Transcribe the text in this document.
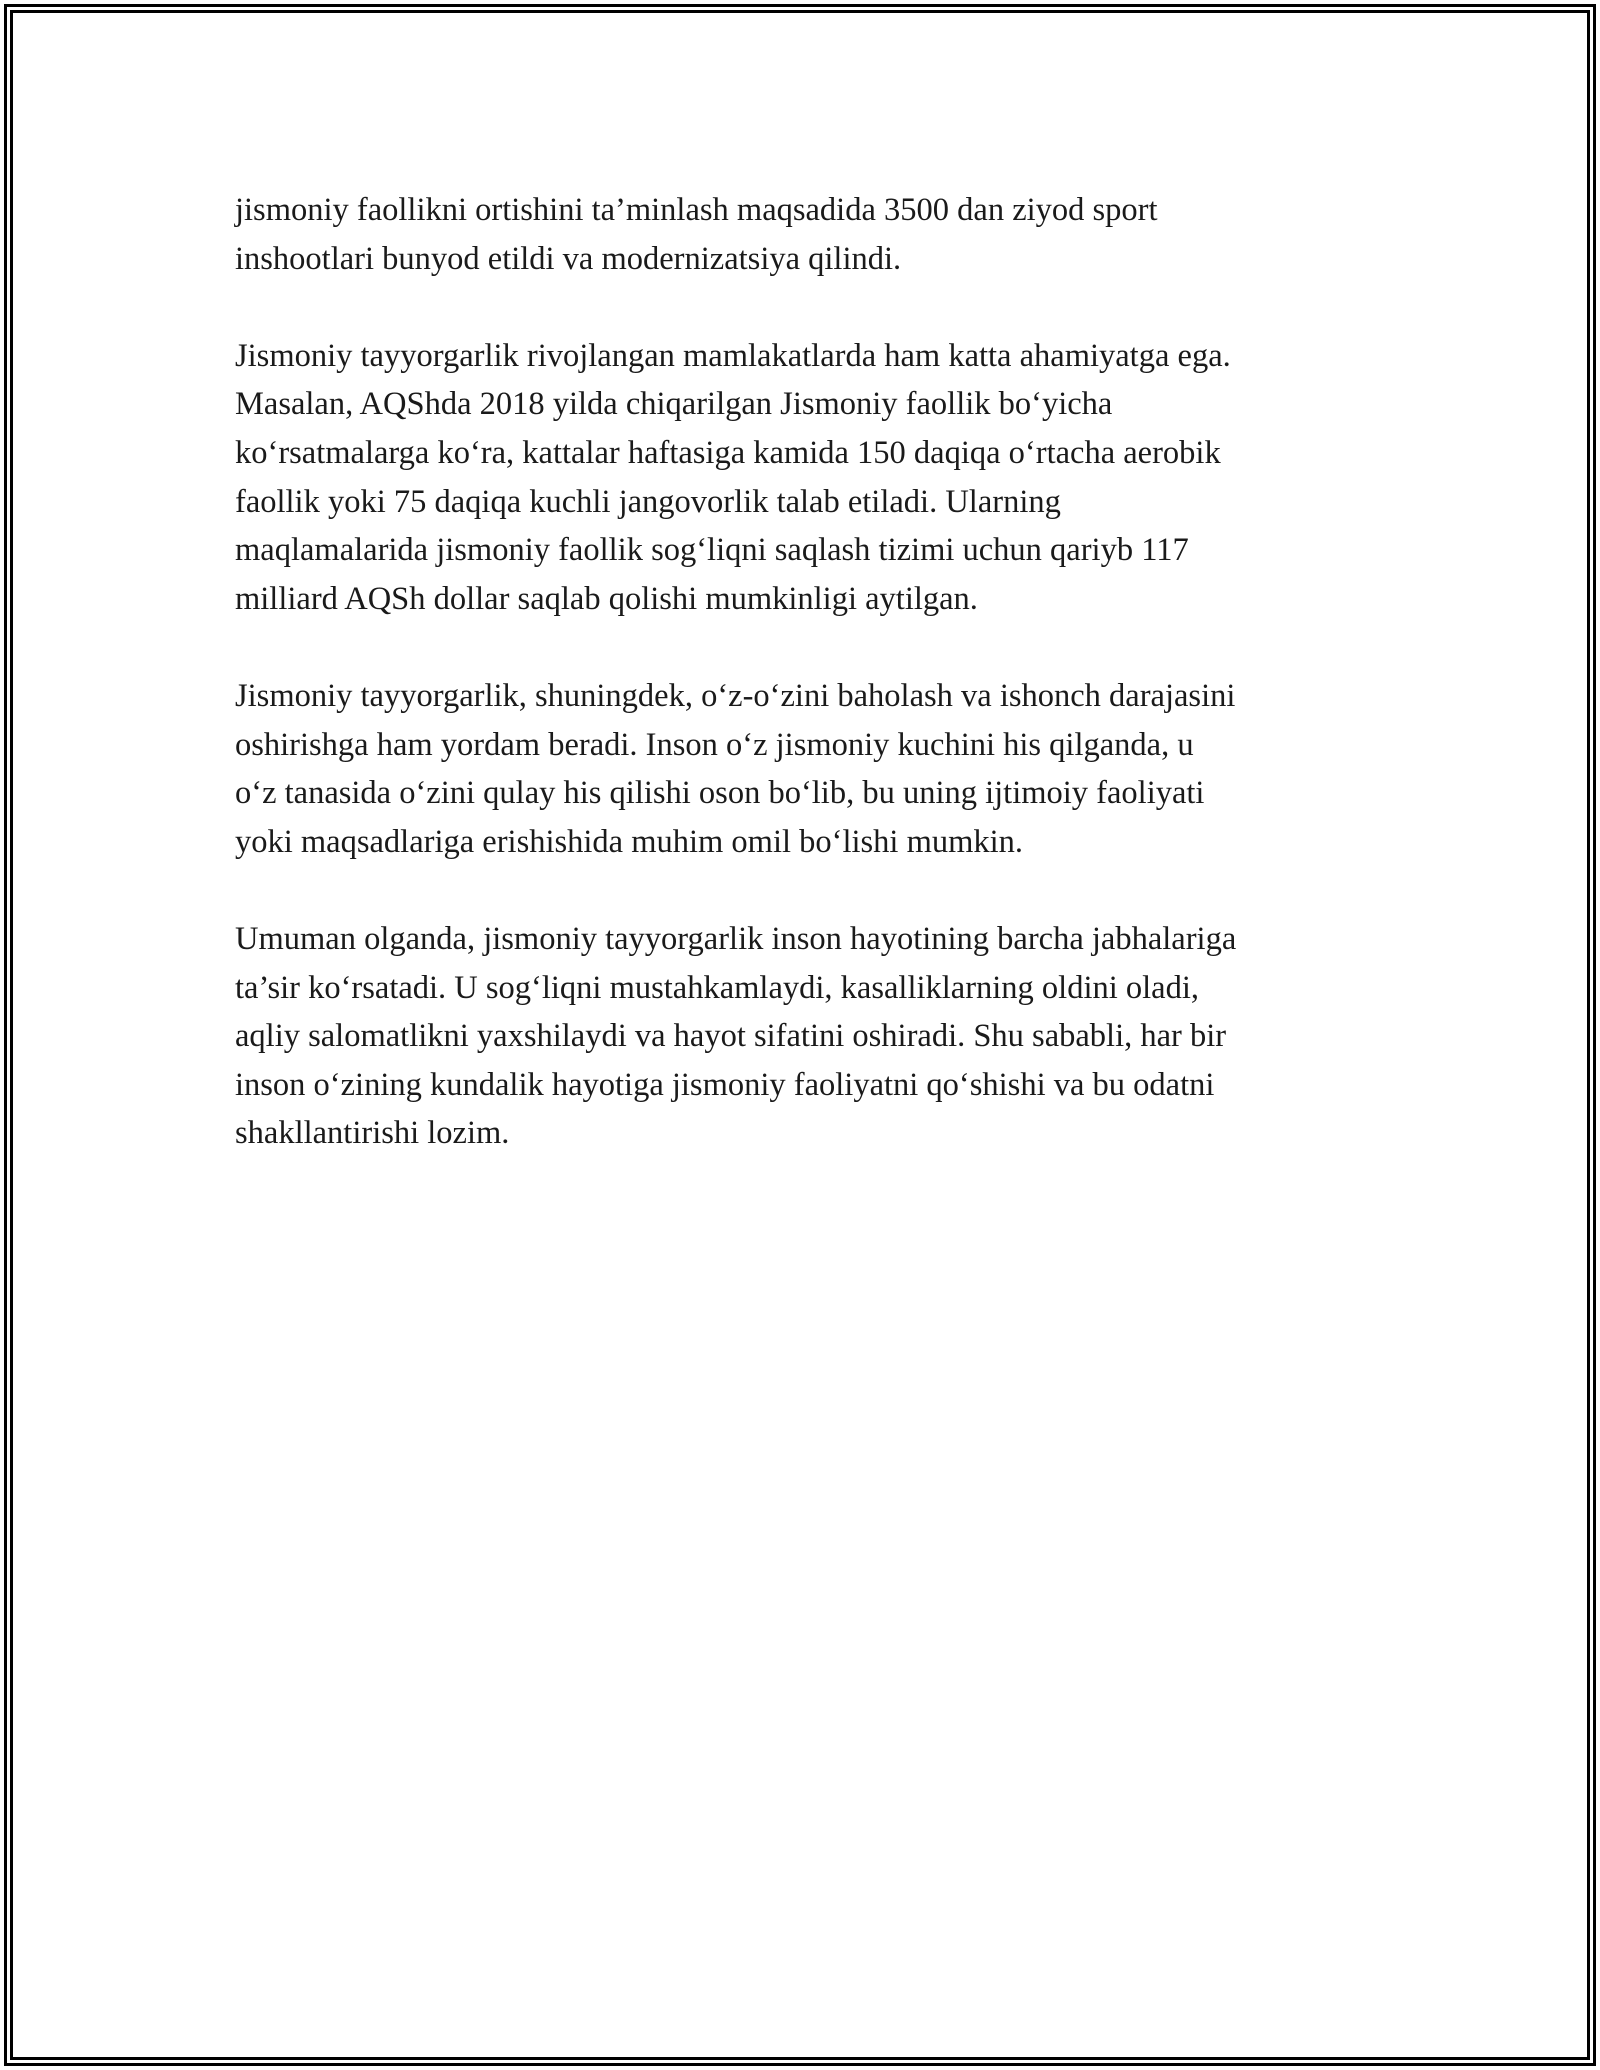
jismoniy faollikni ortishini ta’minlash maqsadida 3500 dan ziyod sport
inshootlari bunyod etildi va modernizatsiya qilindi.

Jismoniy tayyorgarlik rivojlangan mamlakatlarda ham katta ahamiyatga ega.
Masalan, AQShda 2018 yilda chiqarilgan Jismoniy faollik bo‘yicha
ko‘rsatmalarga ko‘ra, kattalar haftasiga kamida 150 daqiqa o‘rtacha aerobik
faollik yoki 75 daqiqa kuchli jangovorlik talab etiladi. Ularning
maqlamalarida jismoniy faollik sog‘liqni saqlash tizimi uchun qariyb 117
milliard AQSh dollar saqlab qolishi mumkinligi aytilgan.

Jismoniy tayyorgarlik, shuningdek, o‘z-o‘zini baholash va ishonch darajasini
oshirishga ham yordam beradi. Inson o‘z jismoniy kuchini his qilganda, u
o‘z tanasida o‘zini qulay his qilishi oson bo‘lib, bu uning ijtimoiy faoliyati
yoki maqsadlariga erishishida muhim omil bo‘lishi mumkin.

Umuman olganda, jismoniy tayyorgarlik inson hayotining barcha jabhalariga
ta’sir ko‘rsatadi. U sog‘liqni mustahkamlaydi, kasalliklarning oldini oladi,
aqliy salomatlikni yaxshilaydi va hayot sifatini oshiradi. Shu sababli, har bir
inson o‘zining kundalik hayotiga jismoniy faoliyatni qo‘shishi va bu odatni
shakllantirishi lozim.
